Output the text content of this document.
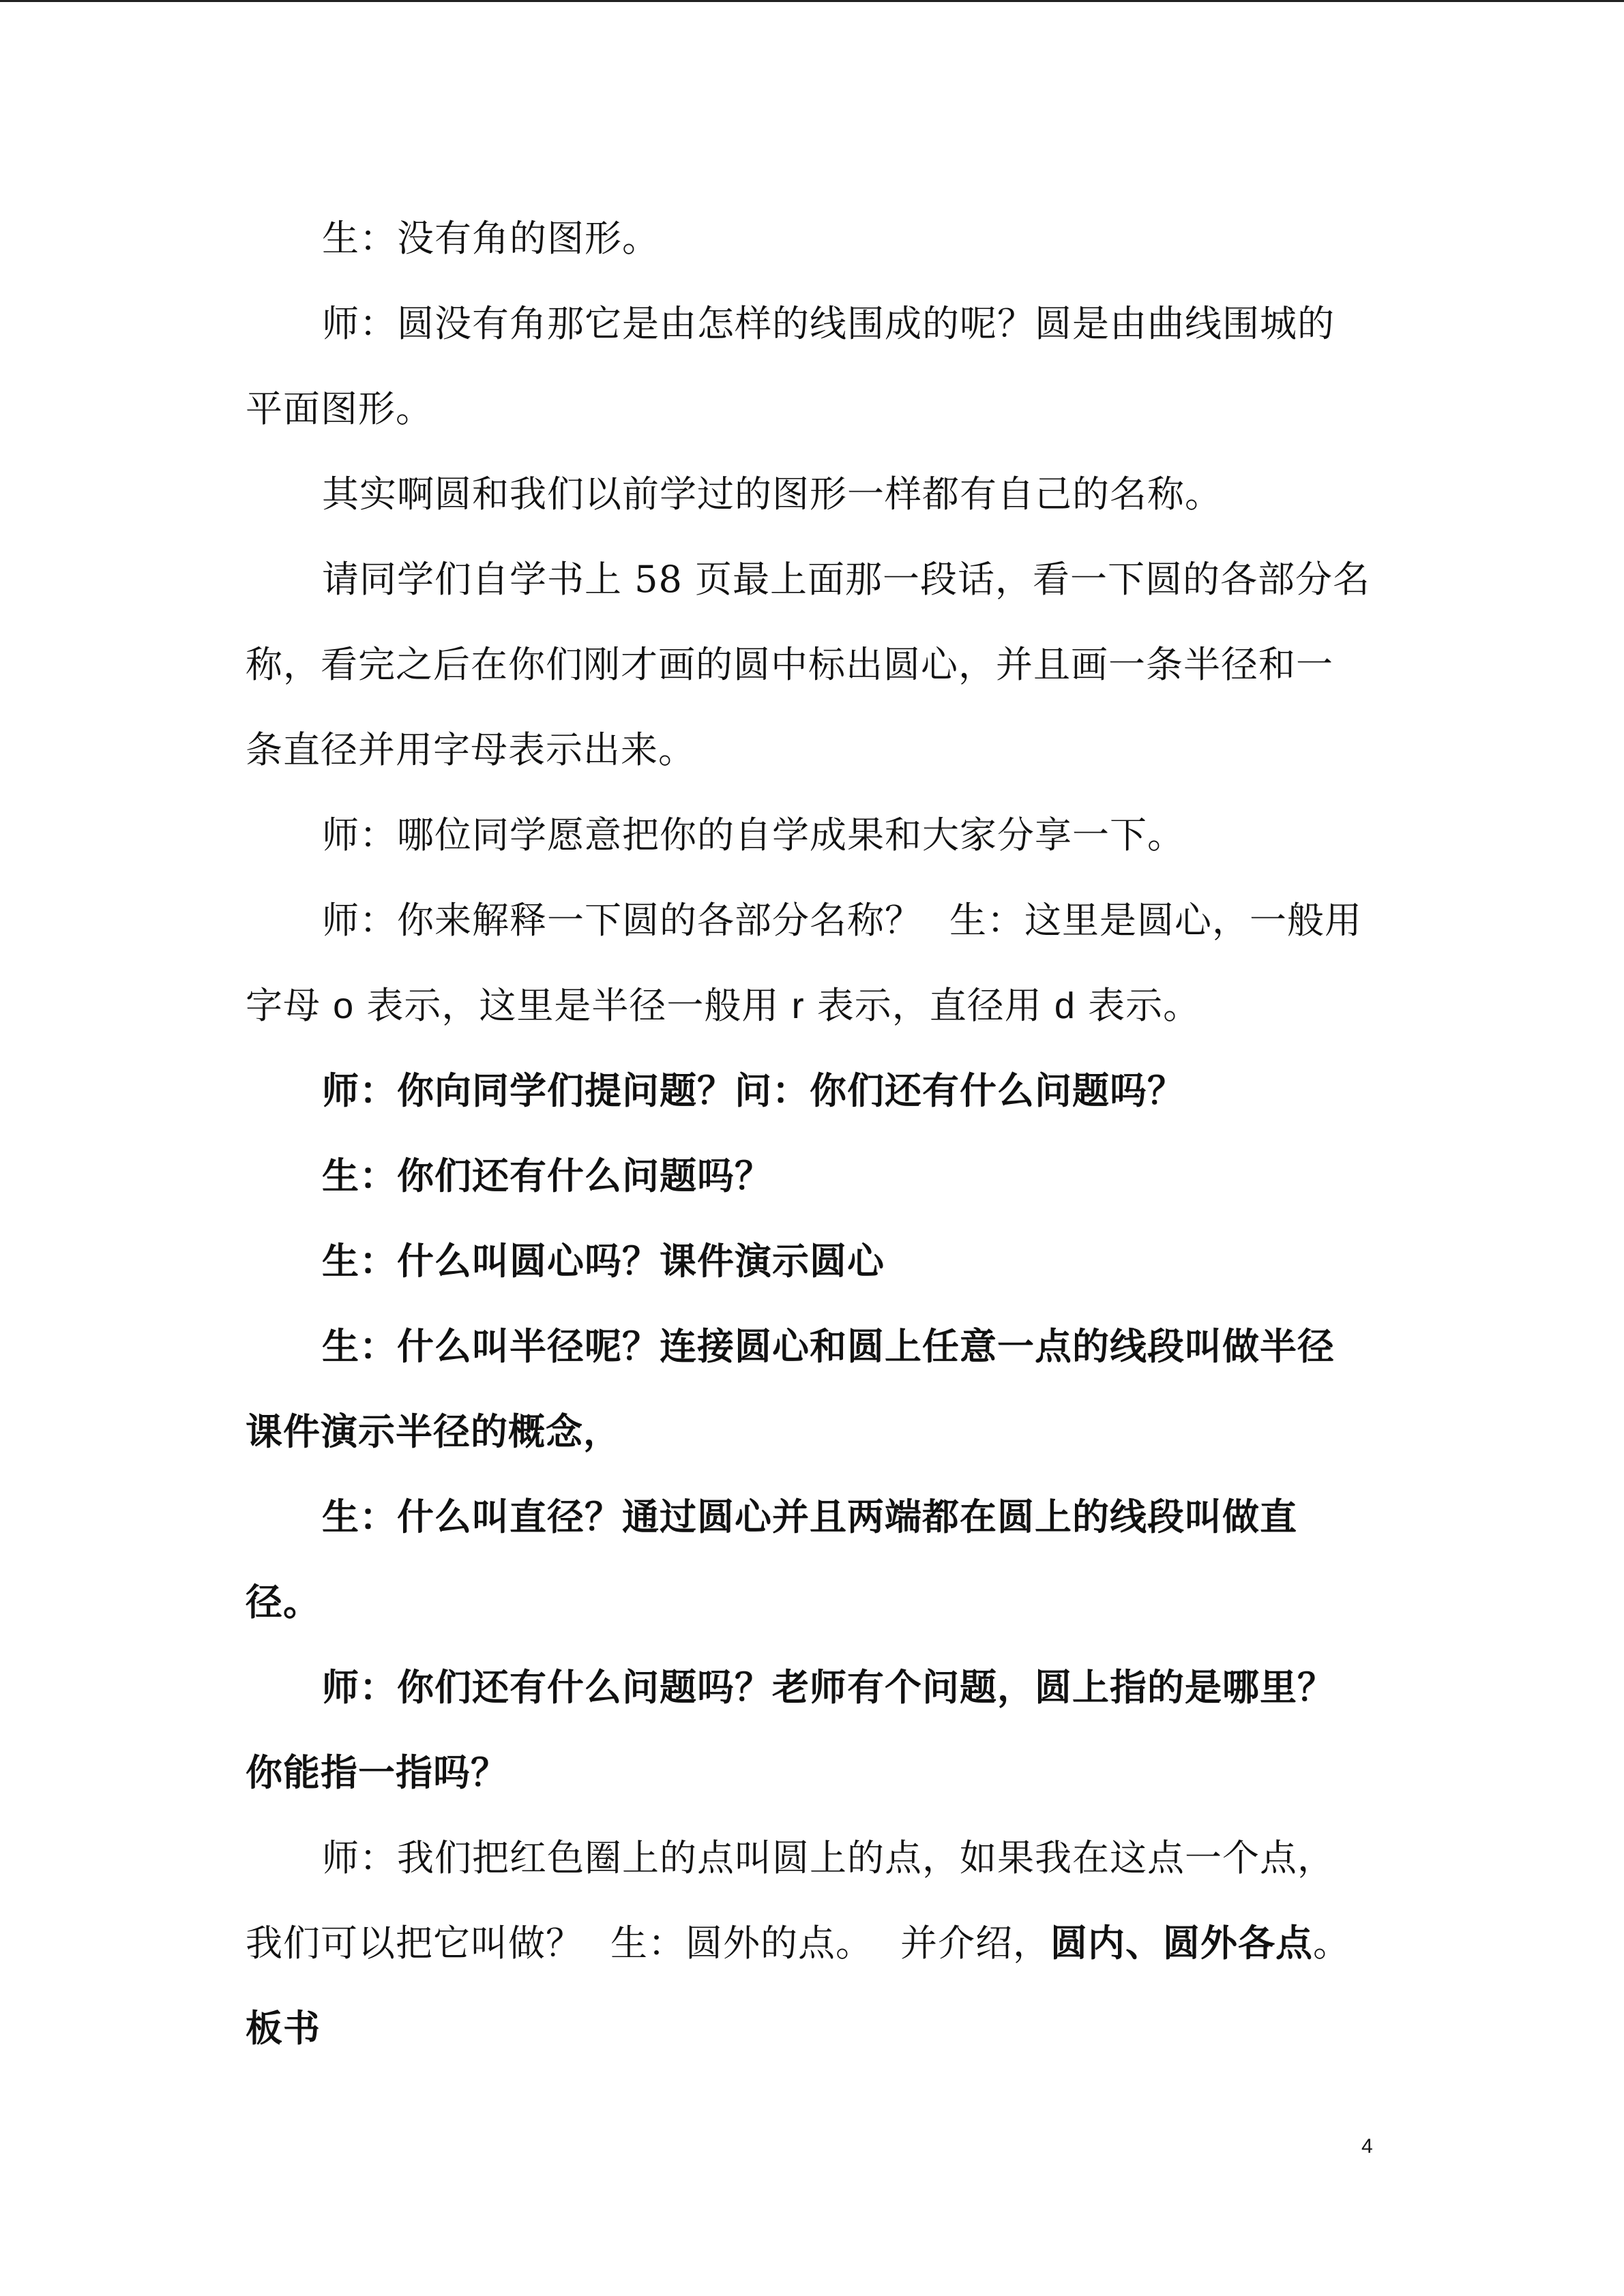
生：没有角的图形。
师：圆没有角那它是由怎样的线围成的呢？圆是由曲线围城的
平面图形。
其实啊圆和我们以前学过的图形一样都有自己的名称。
请同学们自学书上 58 页最上面那一段话，看一下圆的各部分名
称，看完之后在你们刚才画的圆中标出圆心，并且画一条半径和一
条直径并用字母表示出来。
师：哪位同学愿意把你的自学成果和大家分享一下。
师：你来解释一下圆的各部分名称？ 生：这里是圆心，一般用
字母 o 表示，这里是半径一般用 r 表示，直径用 d 表示。
师：你向同学们提问题？问：你们还有什么问题吗？
生：你们还有什么问题吗？
生：什么叫圆心吗？课件演示圆心
生：什么叫半径呢？连接圆心和圆上任意一点的线段叫做半径
课件演示半径的概念，
生：什么叫直径？通过圆心并且两端都在圆上的线段叫做直
径。
师：你们还有什么问题吗？老师有个问题，圆上指的是哪里？
你能指一指吗？
师：我们把红色圈上的点叫圆上的点，如果我在这点一个点，
我们可以把它叫做？ 生：圆外的点。 并介绍，圆内、圆外各点。
板书
4
